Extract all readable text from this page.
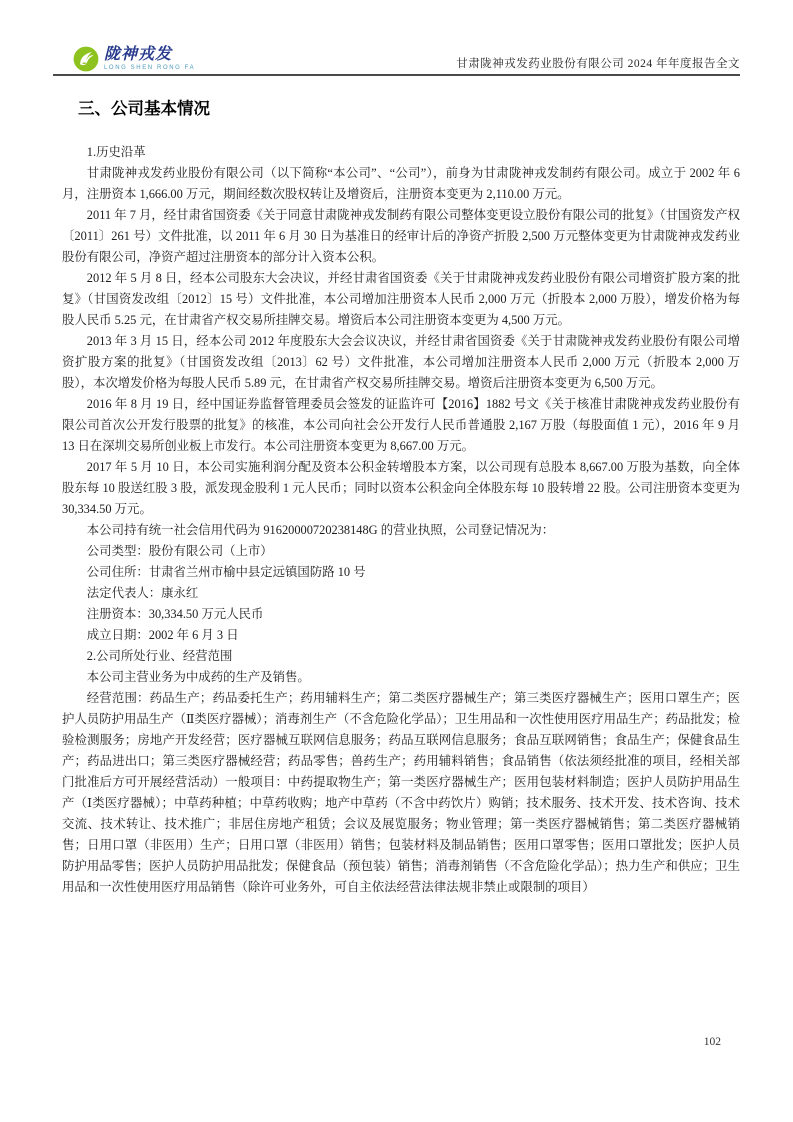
陇神戎发
LONG SHEN RONG FA	甘肃陇神戎发药业股份有限公司 2024 年年度报告全文
三、公司基本情况

1.历史沿革

甘肃陇神戎发药业股份有限公司（以下简称“本公司”、“公司”），前身为甘肃陇神戎发制药有限公司。成立于 2002 年 6 月，注册资本 1,666.00 万元，期间经数次股权转让及增资后，注册资本变更为 2,110.00 万元。

2011 年 7 月，经甘肃省国资委《关于同意甘肃陇神戎发制药有限公司整体变更设立股份有限公司的批复》（甘国资发产权〔2011〕261 号）文件批准，以 2011 年 6 月 30 日为基准日的经审计后的净资产折股 2,500 万元整体变更为甘肃陇神戎发药业股份有限公司，净资产超过注册资本的部分计入资本公积。

2012 年 5 月 8 日，经本公司股东大会决议，并经甘肃省国资委《关于甘肃陇神戎发药业股份有限公司增资扩股方案的批复》（甘国资发改组〔2012〕15 号）文件批准，本公司增加注册资本人民币 2,000 万元（折股本 2,000 万股），增发价格为每股人民币 5.25 元，在甘肃省产权交易所挂牌交易。增资后本公司注册资本变更为 4,500 万元。

2013 年 3 月 15 日，经本公司 2012 年度股东大会会议决议，并经甘肃省国资委《关于甘肃陇神戎发药业股份有限公司增资扩股方案的批复》（甘国资发改组〔2013〕62 号）文件批准，本公司增加注册资本人民币 2,000 万元（折股本 2,000 万股），本次增发价格为每股人民币 5.89 元，在甘肃省产权交易所挂牌交易。增资后注册资本变更为 6,500 万元。

2016 年 8 月 19 日，经中国证券监督管理委员会签发的证监许可【2016】1882 号文《关于核准甘肃陇神戎发药业股份有限公司首次公开发行股票的批复》的核准，本公司向社会公开发行人民币普通股 2,167 万股（每股面值 1 元），2016 年 9 月 13 日在深圳交易所创业板上市发行。本公司注册资本变更为 8,667.00 万元。

2017 年 5 月 10 日，本公司实施利润分配及资本公积金转增股本方案，以公司现有总股本 8,667.00 万股为基数，向全体股东每 10 股送红股 3 股，派发现金股利 1 元人民币；同时以资本公积金向全体股东每 10 股转增 22 股。公司注册资本变更为 30,334.50 万元。

本公司持有统一社会信用代码为 91620000720238148G 的营业执照，公司登记情况为：

公司类型：股份有限公司（上市）

公司住所：甘肃省兰州市榆中县定远镇国防路 10 号

法定代表人：康永红

注册资本：30,334.50 万元人民币

成立日期：2002 年 6 月 3 日

2.公司所处行业、经营范围

本公司主营业务为中成药的生产及销售。

经营范围：药品生产；药品委托生产；药用辅料生产；第二类医疗器械生产；第三类医疗器械生产；医用口罩生产；医护人员防护用品生产（Ⅱ类医疗器械）；消毒剂生产（不含危险化学品）；卫生用品和一次性使用医疗用品生产；药品批发；检验检测服务；房地产开发经营；医疗器械互联网信息服务；药品互联网信息服务；食品互联网销售；食品生产；保健食品生产；药品进出口；第三类医疗器械经营；药品零售；兽药生产；药用辅料销售；食品销售（依法须经批准的项目，经相关部门批准后方可开展经营活动）一般项目：中药提取物生产；第一类医疗器械生产；医用包装材料制造；医护人员防护用品生产（Ⅰ类医疗器械）；中草药种植；中草药收购；地产中草药（不含中药饮片）购销；技术服务、技术开发、技术咨询、技术交流、技术转让、技术推广；非居住房地产租赁；会议及展览服务；物业管理；第一类医疗器械销售；第二类医疗器械销售；日用口罩（非医用）生产；日用口罩（非医用）销售；包装材料及制品销售；医用口罩零售；医用口罩批发；医护人员防护用品零售；医护人员防护用品批发；保健食品（预包装）销售；消毒剂销售（不含危险化学品）；热力生产和供应；卫生用品和一次性使用医疗用品销售（除许可业务外，可自主依法经营法律法规非禁止或限制的项目）

102
